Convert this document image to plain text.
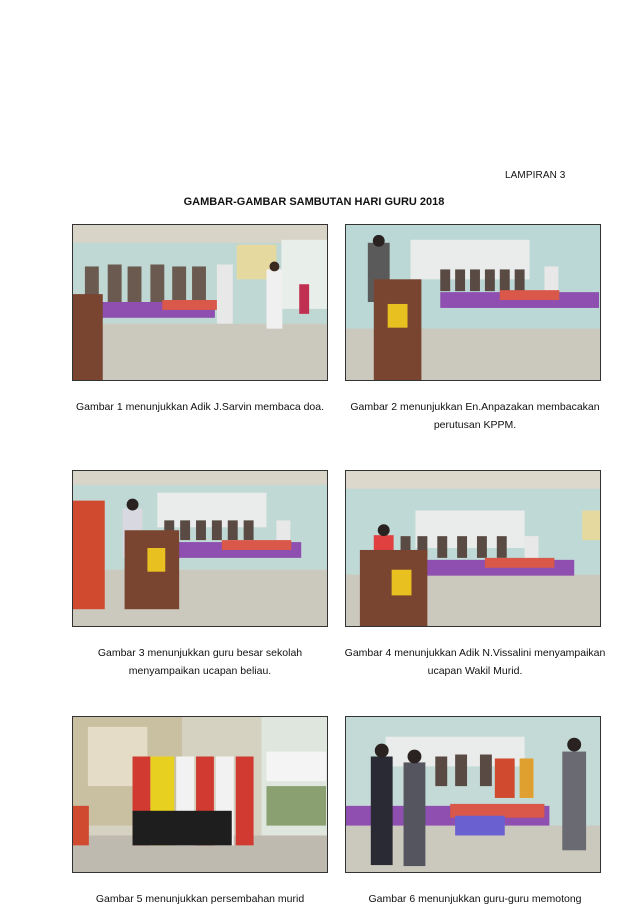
LAMPIRAN 3
GAMBAR-GAMBAR SAMBUTAN HARI GURU 2018
Gambar 1 menunjukkan Adik J.Sarvin membaca doa.	Gambar 2 menunjukkan En.Anpazakan membacakan perutusan KPPM.
Gambar 3 menunjukkan guru besar sekolah menyampaikan ucapan beliau.
Gambar 4 menunjukkan Adik N.Vissalini menyampaikan ucapan Wakil Murid.
Gambar 5 menunjukkan persembahan murid	Gambar 6 menunjukkan guru-guru memotong
